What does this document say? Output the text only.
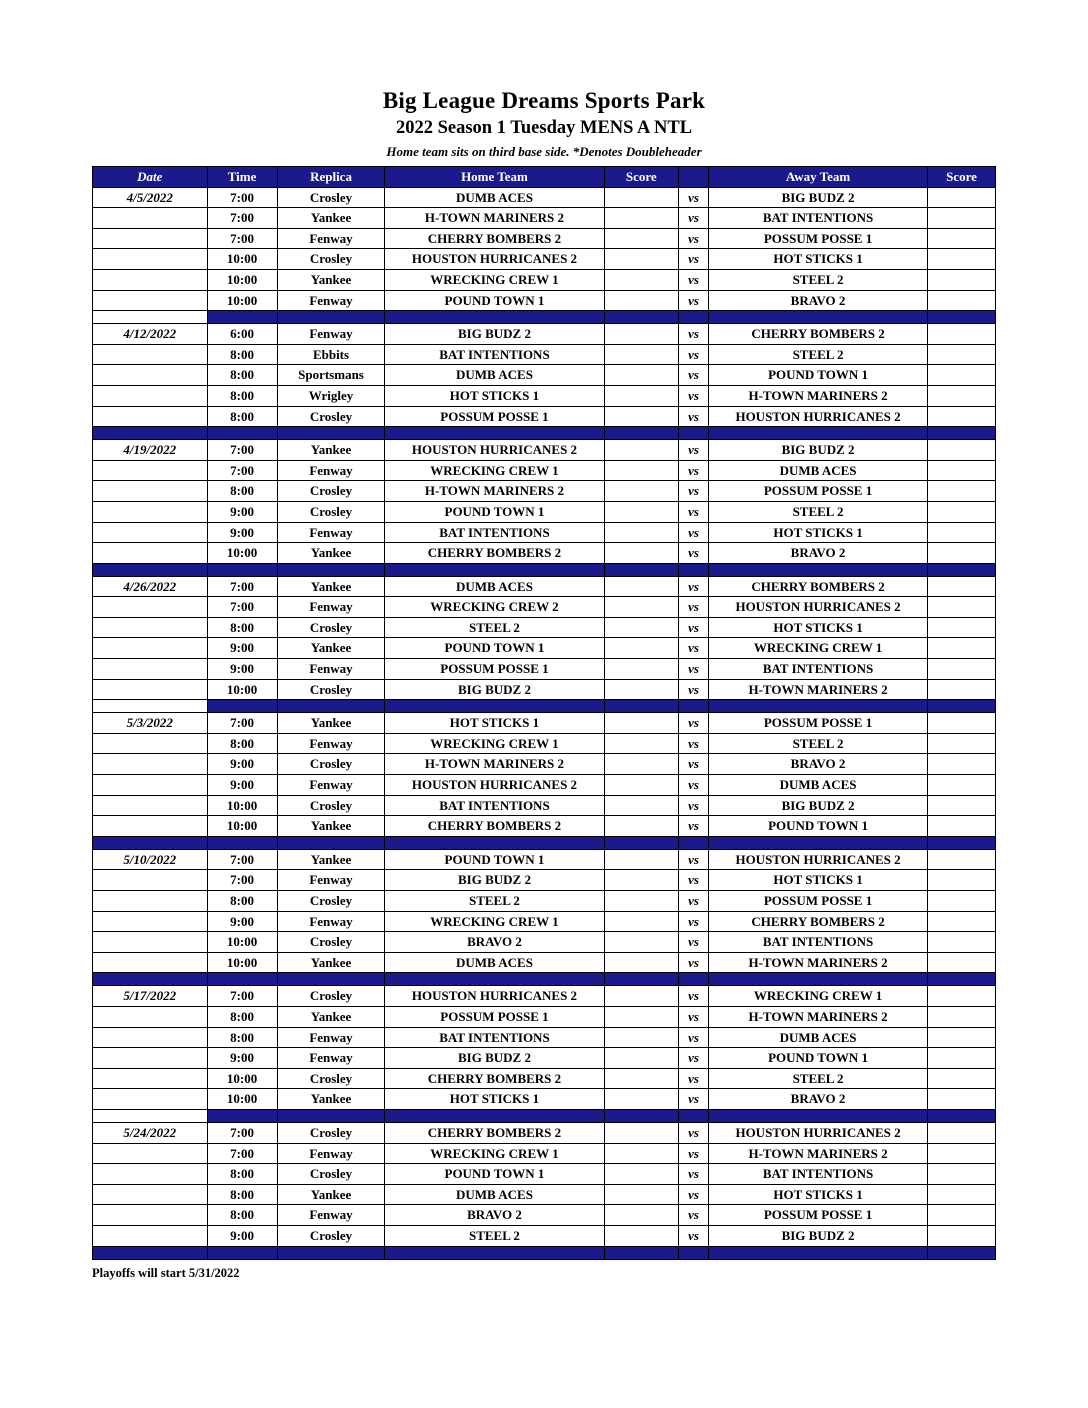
Big League Dreams Sports Park
2022 Season 1 Tuesday MENS A NTL
Home team sits on third base side. *Denotes Doubleheader
Date	Time	Replica	Home Team	Score		Away Team	Score
4/5/2022	7:00	Crosley	DUMB ACES		vs	BIG BUDZ 2	
	7:00	Yankee	H-TOWN MARINERS 2		vs	BAT INTENTIONS	
	7:00	Fenway	CHERRY BOMBERS 2		vs	POSSUM POSSE 1	
	10:00	Crosley	HOUSTON HURRICANES 2		vs	HOT STICKS 1	
	10:00	Yankee	WRECKING CREW 1		vs	STEEL 2	
	10:00	Fenway	POUND TOWN 1		vs	BRAVO 2	

4/12/2022	6:00	Fenway	BIG BUDZ 2		vs	CHERRY BOMBERS 2	
	8:00	Ebbits	BAT INTENTIONS		vs	STEEL 2	
	8:00	Sportsmans	DUMB ACES		vs	POUND TOWN 1	
	8:00	Wrigley	HOT STICKS 1		vs	H-TOWN MARINERS 2	
	8:00	Crosley	POSSUM POSSE 1		vs	HOUSTON HURRICANES 2	

4/19/2022	7:00	Yankee	HOUSTON HURRICANES 2		vs	BIG BUDZ 2	
	7:00	Fenway	WRECKING CREW 1		vs	DUMB ACES	
	8:00	Crosley	H-TOWN MARINERS 2		vs	POSSUM POSSE 1	
	9:00	Crosley	POUND TOWN 1		vs	STEEL 2	
	9:00	Fenway	BAT INTENTIONS		vs	HOT STICKS 1	
	10:00	Yankee	CHERRY BOMBERS 2		vs	BRAVO 2	

4/26/2022	7:00	Yankee	DUMB ACES		vs	CHERRY BOMBERS 2	
	7:00	Fenway	WRECKING CREW 2		vs	HOUSTON HURRICANES 2	
	8:00	Crosley	STEEL 2		vs	HOT STICKS 1	
	9:00	Yankee	POUND TOWN 1		vs	WRECKING CREW 1	
	9:00	Fenway	POSSUM POSSE 1		vs	BAT INTENTIONS	
	10:00	Crosley	BIG BUDZ 2		vs	H-TOWN MARINERS 2	

5/3/2022	7:00	Yankee	HOT STICKS 1		vs	POSSUM POSSE 1	
	8:00	Fenway	WRECKING CREW 1		vs	STEEL 2	
	9:00	Crosley	H-TOWN MARINERS 2		vs	BRAVO 2	
	9:00	Fenway	HOUSTON HURRICANES 2		vs	DUMB ACES	
	10:00	Crosley	BAT INTENTIONS		vs	BIG BUDZ 2	
	10:00	Yankee	CHERRY BOMBERS 2		vs	POUND TOWN 1	

5/10/2022	7:00	Yankee	POUND TOWN 1		vs	HOUSTON HURRICANES 2	
	7:00	Fenway	BIG BUDZ 2		vs	HOT STICKS 1	
	8:00	Crosley	STEEL 2		vs	POSSUM POSSE 1	
	9:00	Fenway	WRECKING CREW 1		vs	CHERRY BOMBERS 2	
	10:00	Crosley	BRAVO 2		vs	BAT INTENTIONS	
	10:00	Yankee	DUMB ACES		vs	H-TOWN MARINERS 2	

5/17/2022	7:00	Crosley	HOUSTON HURRICANES 2		vs	WRECKING CREW 1	
	8:00	Yankee	POSSUM POSSE 1		vs	H-TOWN MARINERS 2	
	8:00	Fenway	BAT INTENTIONS		vs	DUMB ACES	
	9:00	Fenway	BIG BUDZ 2		vs	POUND TOWN 1	
	10:00	Crosley	CHERRY BOMBERS 2		vs	STEEL 2	
	10:00	Yankee	HOT STICKS 1		vs	BRAVO 2	

5/24/2022	7:00	Crosley	CHERRY BOMBERS 2		vs	HOUSTON HURRICANES 2	
	7:00	Fenway	WRECKING CREW 1		vs	H-TOWN MARINERS 2	
	8:00	Crosley	POUND TOWN 1		vs	BAT INTENTIONS	
	8:00	Yankee	DUMB ACES		vs	HOT STICKS 1	
	8:00	Fenway	BRAVO 2		vs	POSSUM POSSE 1	
	9:00	Crosley	STEEL 2		vs	BIG BUDZ 2	

Playoffs will start 5/31/2022
